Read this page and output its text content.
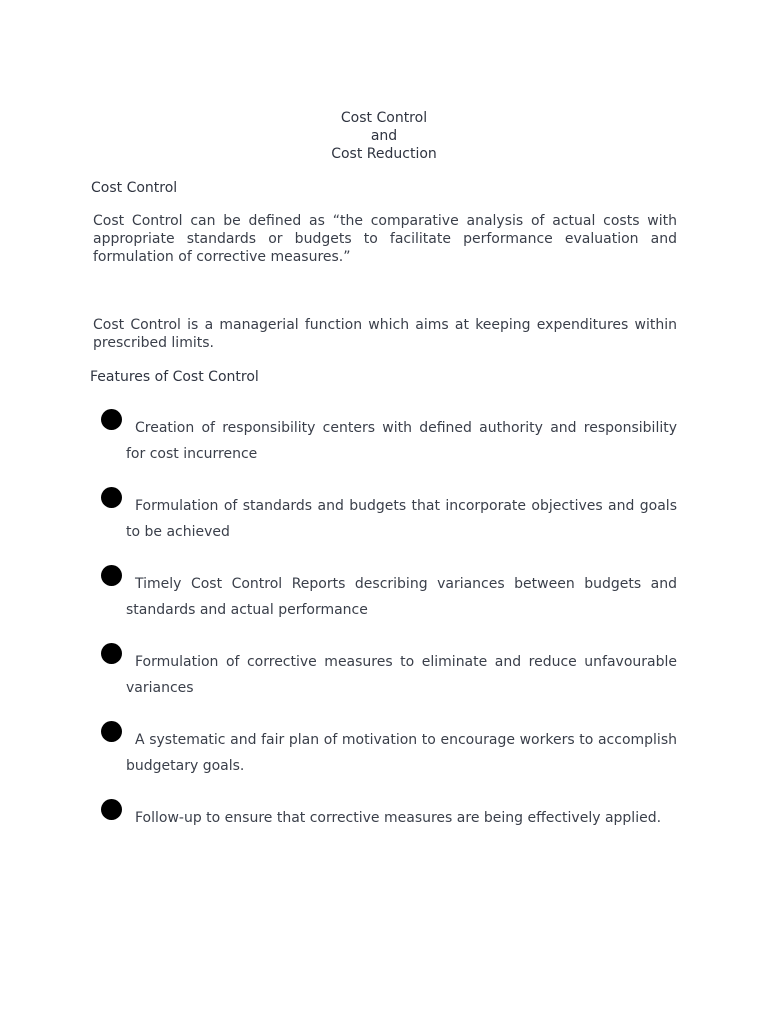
Cost Control
and
Cost Reduction
Cost Control
Cost Control can be defined as “the comparative analysis of actual costs with appropriate standards or budgets to facilitate performance evaluation and formulation of corrective measures.”
Cost Control is a managerial function which aims at keeping expenditures within prescribed limits.
Features of Cost Control
Creation of responsibility centers with defined authority and responsibility for cost incurrence
Formulation of standards and budgets that incorporate objectives and goals to be achieved
Timely Cost Control Reports describing variances between budgets and standards and actual performance
Formulation of corrective measures to eliminate and reduce unfavourable variances
A systematic and fair plan of motivation to encourage workers to accomplish budgetary goals.
Follow-up to ensure that corrective measures are being effectively applied.
